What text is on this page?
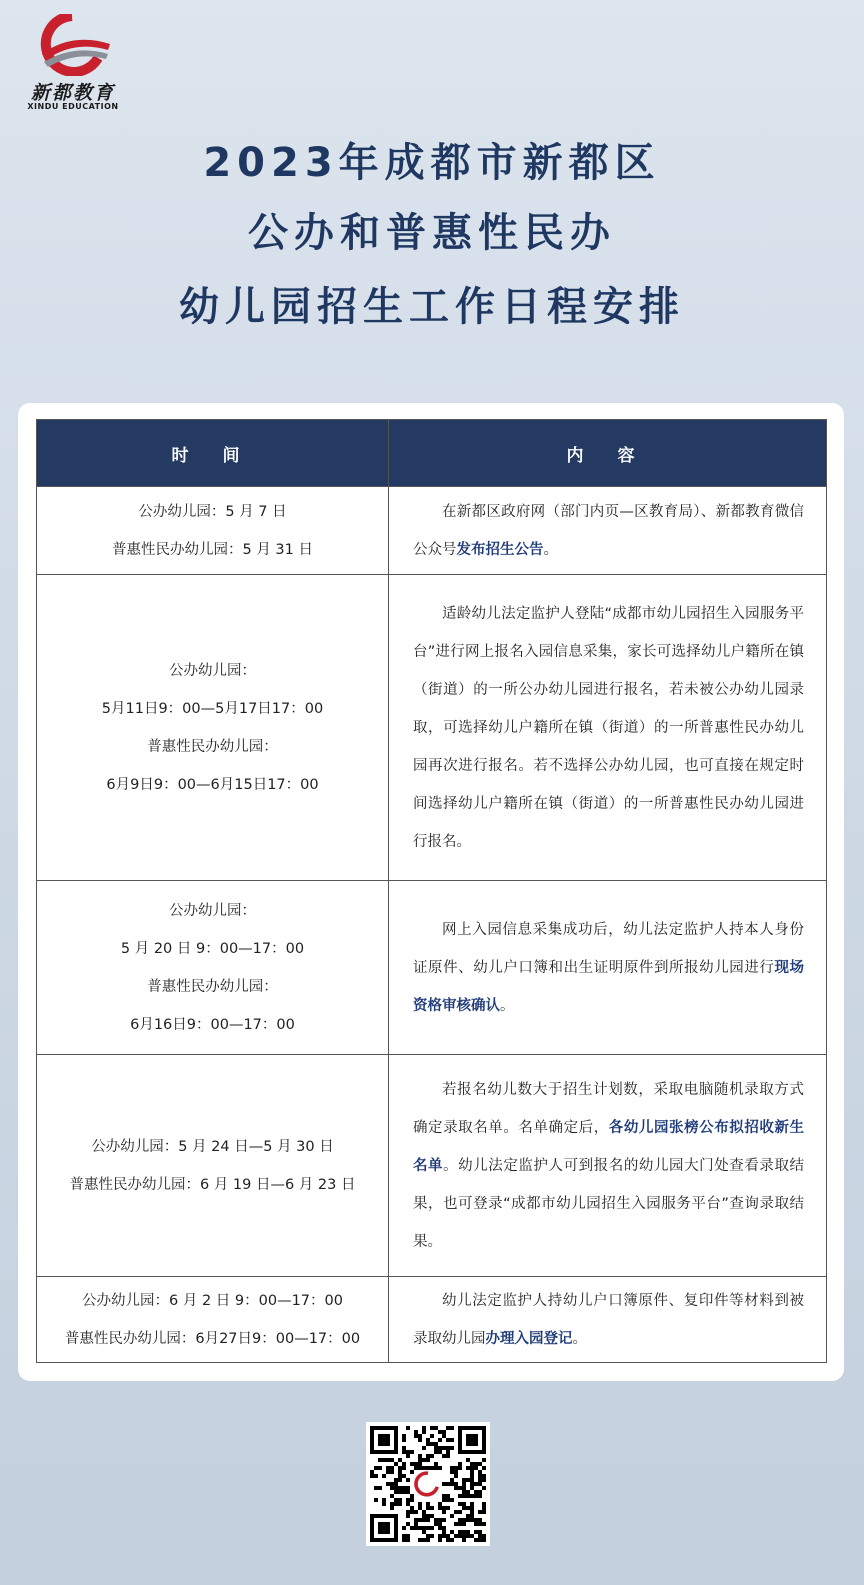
新都教育
XINDU EDUCATION
2023年成都市新都区
公办和普惠性民办
幼儿园招生工作日程安排
时 间	内 容

公办幼儿园：5 月 7 日
普惠性民办幼儿园：5 月 31 日	在新都区政府网（部门内页—区教育局）、新都教育微信公众号发布招生公告。

公办幼儿园：
5月11日9：00—5月17日17：00
普惠性民办幼儿园：
6月9日9：00—6月15日17：00	适龄幼儿法定监护人登陆“成都市幼儿园招生入园服务平台”进行网上报名入园信息采集，家长可选择幼儿户籍所在镇（街道）的一所公办幼儿园进行报名，若未被公办幼儿园录取，可选择幼儿户籍所在镇（街道）的一所普惠性民办幼儿园再次进行报名。若不选择公办幼儿园，也可直接在规定时间选择幼儿户籍所在镇（街道）的一所普惠性民办幼儿园进行报名。

公办幼儿园：
5 月 20 日 9：00—17：00
普惠性民办幼儿园：
6月16日9：00—17：00	网上入园信息采集成功后，幼儿法定监护人持本人身份证原件、幼儿户口簿和出生证明原件到所报幼儿园进行现场资格审核确认。

公办幼儿园：5 月 24 日—5 月 30 日
普惠性民办幼儿园：6 月 19 日—6 月 23 日	若报名幼儿数大于招生计划数，采取电脑随机录取方式确定录取名单。名单确定后，各幼儿园张榜公布拟招收新生名单。幼儿法定监护人可到报名的幼儿园大门处查看录取结果，也可登录“成都市幼儿园招生入园服务平台”查询录取结果。

公办幼儿园：6 月 2 日 9：00—17：00
普惠性民办幼儿园：6月27日9：00—17：00	幼儿法定监护人持幼儿户口簿原件、复印件等材料到被录取幼儿园办理入园登记。
